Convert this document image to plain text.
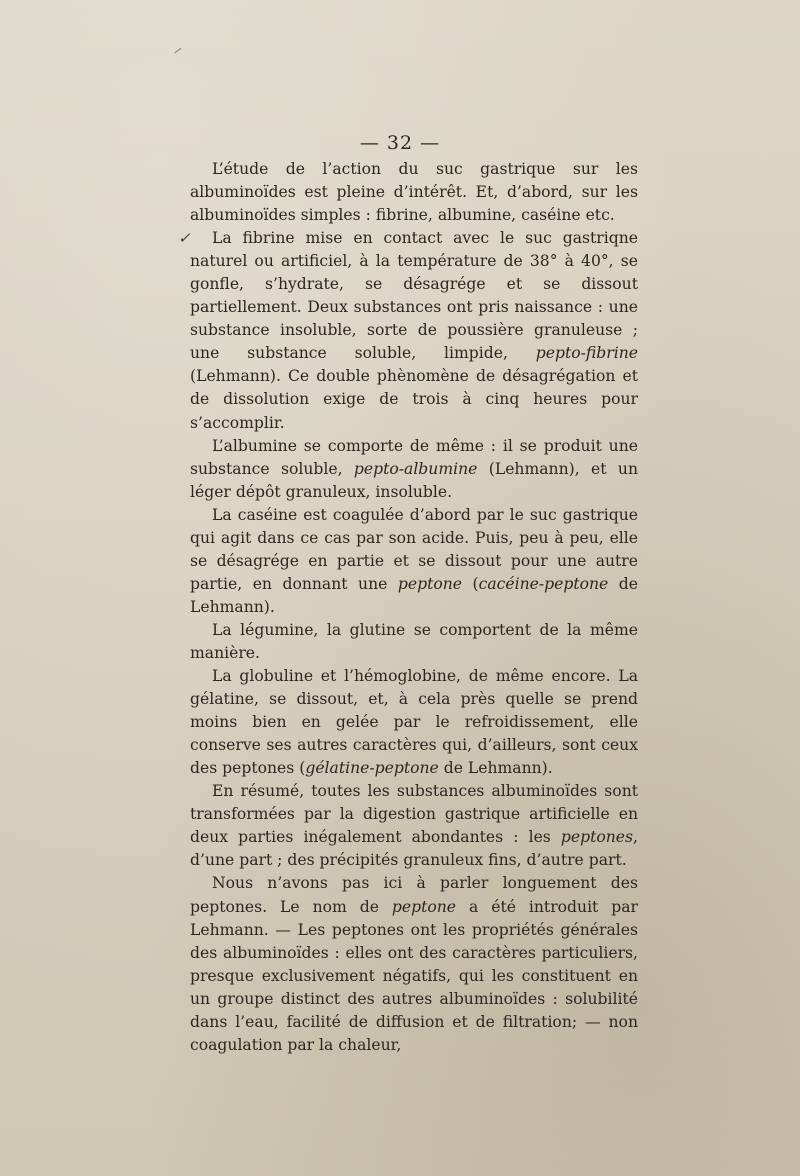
— 32 —
✓

L’étude de l’action du suc gastrique sur les albuminoïdes est pleine d’intérêt. Et, d’abord, sur les albuminoïdes simples : fibrine, albumine, caséine etc.

La fibrine mise en contact avec le suc gastriqne naturel ou artificiel, à la température de 38° à 40°, se gonfle, s’hydrate, se désagrége et se dissout partiellement. Deux substances ont pris naissance : une substance insoluble, sorte de poussière granuleuse ; une substance soluble, limpide, pepto-fibrine (Lehmann). Ce double phènomène de désagrégation et de dissolution exige de trois à cinq heures pour s’accomplir.

L’albumine se comporte de même : il se produit une substance soluble, pepto-albumine (Lehmann), et un léger dépôt granuleux, insoluble.

La caséine est coagulée d’abord par le suc gastrique qui agit dans ce cas par son acide. Puis, peu à peu, elle se désagrége en partie et se dissout pour une autre partie, en donnant une peptone (cacéine-peptone de Lehmann).

La légumine, la glutine se comportent de la même manière.

La globuline et l’hémoglobine, de même encore. La gélatine, se dissout, et, à cela près quelle se prend moins bien en gelée par le refroidissement, elle conserve ses autres caractères qui, d’ailleurs, sont ceux des peptones (gélatine-peptone de Lehmann).

En résumé, toutes les substances albuminoïdes sont transformées par la digestion gastrique artificielle en deux parties inégalement abondantes : les peptones, d’une part ; des précipités granuleux fins, d’autre part.

Nous n’avons pas ici à parler longuement des peptones. Le nom de peptone a été introduit par Lehmann. — Les peptones ont les propriétés générales des albuminoïdes : elles ont des caractères particuliers, presque exclusivement négatifs, qui les constituent en un groupe distinct des autres albuminoïdes : solubilité dans l’eau, facilité de diffusion et de filtration; — non coagulation par la chaleur,
